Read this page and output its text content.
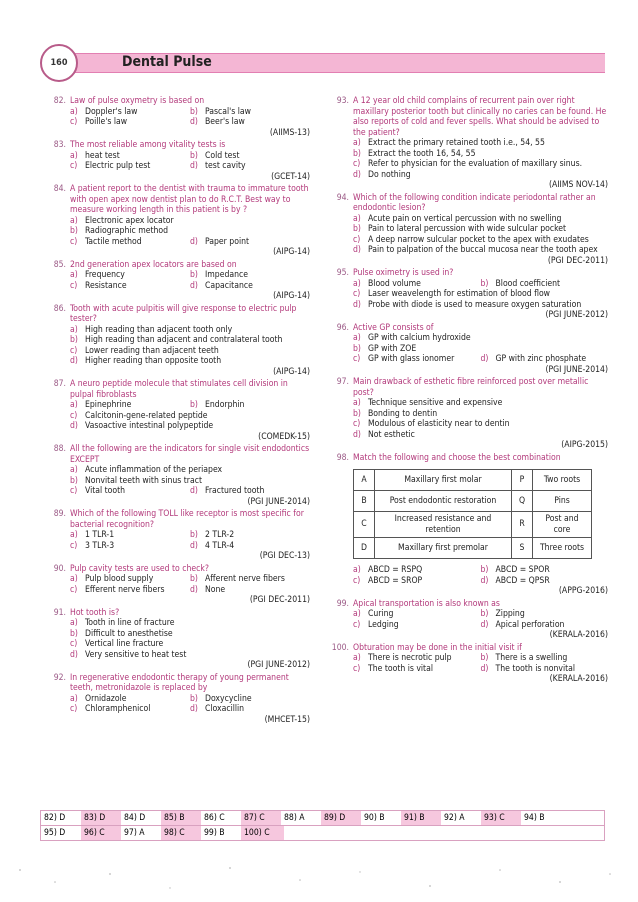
160	Dental Pulse
82. Law of pulse oxymetry is based on
a) Doppler's law	b) Pascal's law
c) Poille's law	d) Beer's law
(AIIMS-13)
83. The most reliable among vitality tests is
a) heat test	b) Cold test
c) Electric pulp test	d) test cavity
(GCET-14)
84. A patient report to the dentist with trauma to immature tooth with open apex now dentist plan to do R.C.T. Best way to measure working length in this patient is by ?
a) Electronic apex locator
b) Radiographic method
c) Tactile method	d) Paper point
(AIPG-14)
85. 2nd generation apex locators are based on
a) Frequency	b) Impedance
c) Resistance	d) Capacitance
(AIPG-14)
86. Tooth with acute pulpitis will give response to electric pulp tester?
a) High reading than adjacent tooth only
b) High reading than adjacent and contralateral tooth
c) Lower reading than adjacent teeth
d) Higher reading than opposite tooth
(AIPG-14)
87. A neuro peptide molecule that stimulates cell division in pulpal fibroblasts
a) Epinephrine	b) Endorphin
c) Calcitonin-gene-related peptide
d) Vasoactive intestinal polypeptide
(COMEDK-15)
88. All the following are the indicators for single visit endodontics EXCEPT
a) Acute inflammation of the periapex
b) Nonvital teeth with sinus tract
c) Vital tooth	d) Fractured tooth
(PGI JUNE-2014)
89. Which of the following TOLL like receptor is most specific for bacterial recognition?
a) 1 TLR-1	b) 2 TLR-2
c) 3 TLR-3	d) 4 TLR-4
(PGI DEC-13)
90. Pulp cavity tests are used to check?
a) Pulp blood supply	b) Afferent nerve fibers
c) Efferent nerve fibers	d) None
(PGI DEC-2011)
91. Hot tooth is?
a) Tooth in line of fracture
b) Difficult to anesthetise
c) Vertical line fracture
d) Very sensitive to heat test
(PGI JUNE-2012)
92. In regenerative endodontic therapy of young permanent teeth, metronidazole is replaced by
a) Ornidazole	b) Doxycycline
c) Chloramphenicol	d) Cloxacillin
(MHCET-15)
93. A 12 year old child complains of recurrent pain over right maxillary posterior tooth but clinically no caries can be found. He also reports of cold and fever spells. What should be advised to the patient?
a) Extract the primary retained tooth i.e., 54, 55
b) Extract the tooth 16, 54, 55
c) Refer to physician for the evaluation of maxillary sinus.
d) Do nothing
(AIIMS NOV-14)
94. Which of the following condition indicate periodontal rather an endodontic lesion?
a) Acute pain on vertical percussion with no swelling
b) Pain to lateral percussion with wide sulcular pocket
c) A deep narrow sulcular pocket to the apex with exudates
d) Pain to palpation of the buccal mucosa near the tooth apex
(PGI DEC-2011)
95. Pulse oximetry is used in?
a) Blood volume	b) Blood coefficient
c) Laser weavelength for estimation of blood flow
d) Probe with diode is used to measure oxygen saturation
(PGI JUNE-2012)
96. Active GP consists of
a) GP with calcium hydroxide
b) GP with ZOE
c) GP with glass ionomer	d) GP with zinc phosphate
(PGI JUNE-2014)
97. Main drawback of esthetic fibre reinforced post over metallic post?
a) Technique sensitive and expensive
b) Bonding to dentin
c) Modulous of elasticity near to dentin
d) Not esthetic
(AIPG-2015)
98. Match the following and choose the best combination
A	Maxillary first molar	P	Two roots
B	Post endodontic restoration	Q	Pins
C	Increased resistance and retention	R	Post and core
D	Maxillary first premolar	S	Three roots
a) ABCD = RSPQ	b) ABCD = SPOR
c) ABCD = SROP	d) ABCD = QPSR
(APPG-2016)
99. Apical transportation is also known as
a) Curing	b) Zipping
c) Ledging	d) Apical perforation
(KERALA-2016)
100. Obturation may be done in the initial visit if
a) There is necrotic pulp	b) There is a swelling
c) The tooth is vital	d) The tooth is nonvital
(KERALA-2016)
82) D	83) D	84) D	85) B	86) C	87) C	88) A	89) D	90) B	91) B	92) A	93) C	94) B
95) D	96) C	97) A	98) C	99) B	100) C
